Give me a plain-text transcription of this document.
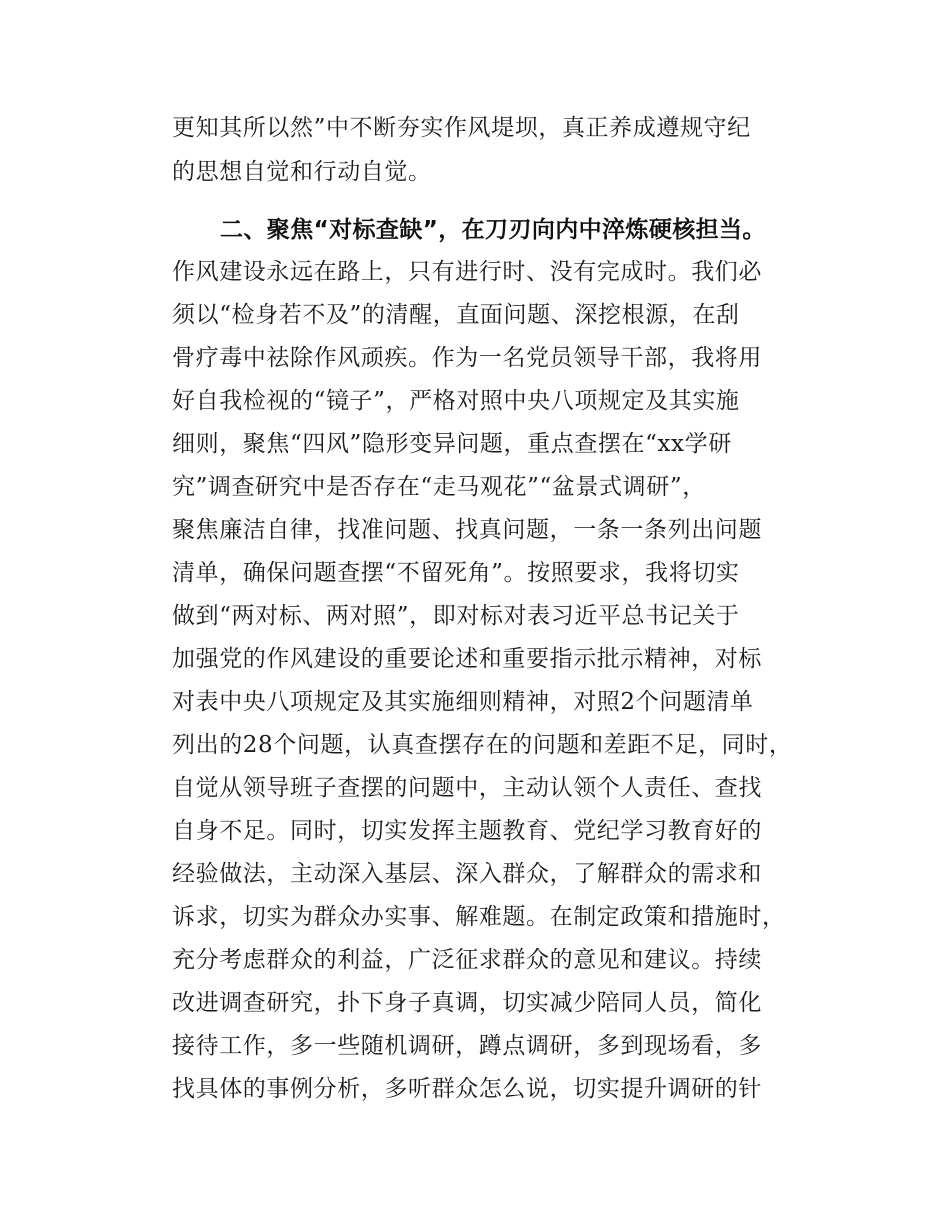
更知其所以然”中不断夯实作风堤坝，真正养成遵规守纪
的思想自觉和行动自觉。
二、聚焦“对标查缺”，在刀刃向内中淬炼硬核担当。
作风建设永远在路上，只有进行时、没有完成时。我们必
须以“检身若不及”的清醒，直面问题、深挖根源，在刮
骨疗毒中祛除作风顽疾。作为一名党员领导干部，我将用
好自我检视的“镜子”，严格对照中央八项规定及其实施
细则，聚焦“四风”隐形变异问题，重点查摆在“xx学研
究”调查研究中是否存在“走马观花”“盆景式调研”，
聚焦廉洁自律，找准问题、找真问题，一条一条列出问题
清单，确保问题查摆“不留死角”。按照要求，我将切实
做到“两对标、两对照”，即对标对表习近平总书记关于
加强党的作风建设的重要论述和重要指示批示精神，对标
对表中央八项规定及其实施细则精神，对照2个问题清单
列出的28个问题，认真查摆存在的问题和差距不足，同时，
自觉从领导班子查摆的问题中，主动认领个人责任、查找
自身不足。同时，切实发挥主题教育、党纪学习教育好的
经验做法，主动深入基层、深入群众，了解群众的需求和
诉求，切实为群众办实事、解难题。在制定政策和措施时，
充分考虑群众的利益，广泛征求群众的意见和建议。持续
改进调查研究，扑下身子真调，切实减少陪同人员，简化
接待工作，多一些随机调研，蹲点调研，多到现场看，多
找具体的事例分析，多听群众怎么说，切实提升调研的针
